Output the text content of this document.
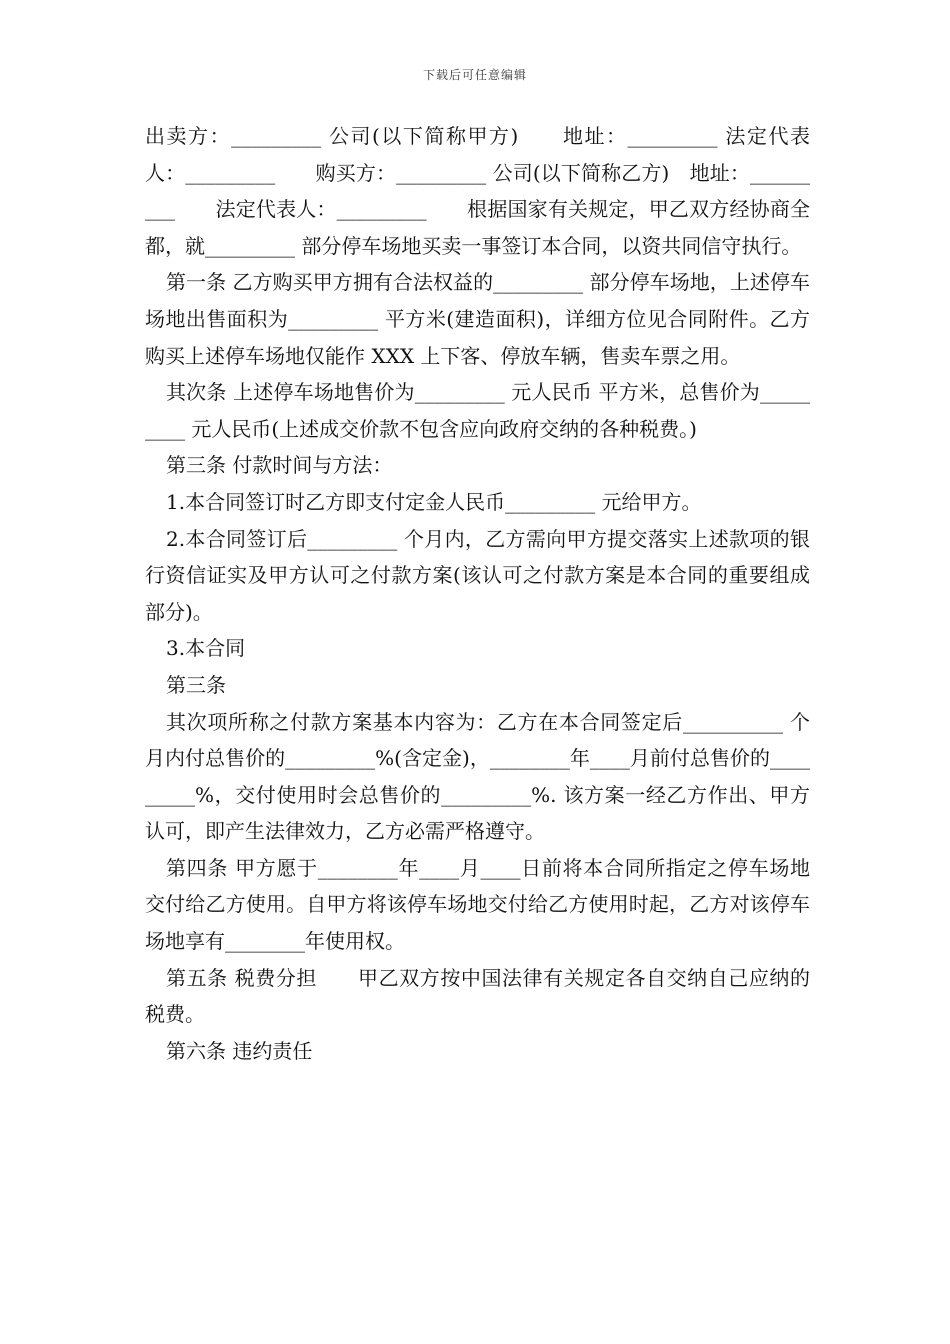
下载后可任意编辑

出卖方：_________ 公司(以下简称甲方)　　地址：_________ 法定代表人：_________　　购买方：_________ 公司(以下简称乙方)　地址：_________　　法定代表人：_________　　根据国家有关规定，甲乙双方经协商全都，就_________ 部分停车场地买卖一事签订本合同，以资共同信守执行。

第一条 乙方购买甲方拥有合法权益的_________ 部分停车场地，上述停车场地出售面积为_________ 平方米(建造面积)，详细方位见合同附件。乙方购买上述停车场地仅能作 XXX 上下客、停放车辆，售卖车票之用。

其次条 上述停车场地售价为_________ 元人民币 平方米，总售价为_________ 元人民币(上述成交价款不包含应向政府交纳的各种税费。)

第三条 付款时间与方法：

1.本合同签订时乙方即支付定金人民币_________ 元给甲方。

2.本合同签订后_________ 个月内，乙方需向甲方提交落实上述款项的银行资信证实及甲方认可之付款方案(该认可之付款方案是本合同的重要组成部分)。

3.本合同

第三条

其次项所称之付款方案基本内容为：乙方在本合同签定后__________ 个月内付总售价的_________%(含定金)，________年____月前付总售价的_________%，交付使用时会总售价的_________%. 该方案一经乙方作出、甲方认可，即产生法律效力，乙方必需严格遵守。

第四条 甲方愿于________年____月____日前将本合同所指定之停车场地交付给乙方使用。自甲方将该停车场地交付给乙方使用时起，乙方对该停车场地享有________年使用权。

第五条 税费分担　　甲乙双方按中国法律有关规定各自交纳自己应纳的税费。

第六条 违约责任
